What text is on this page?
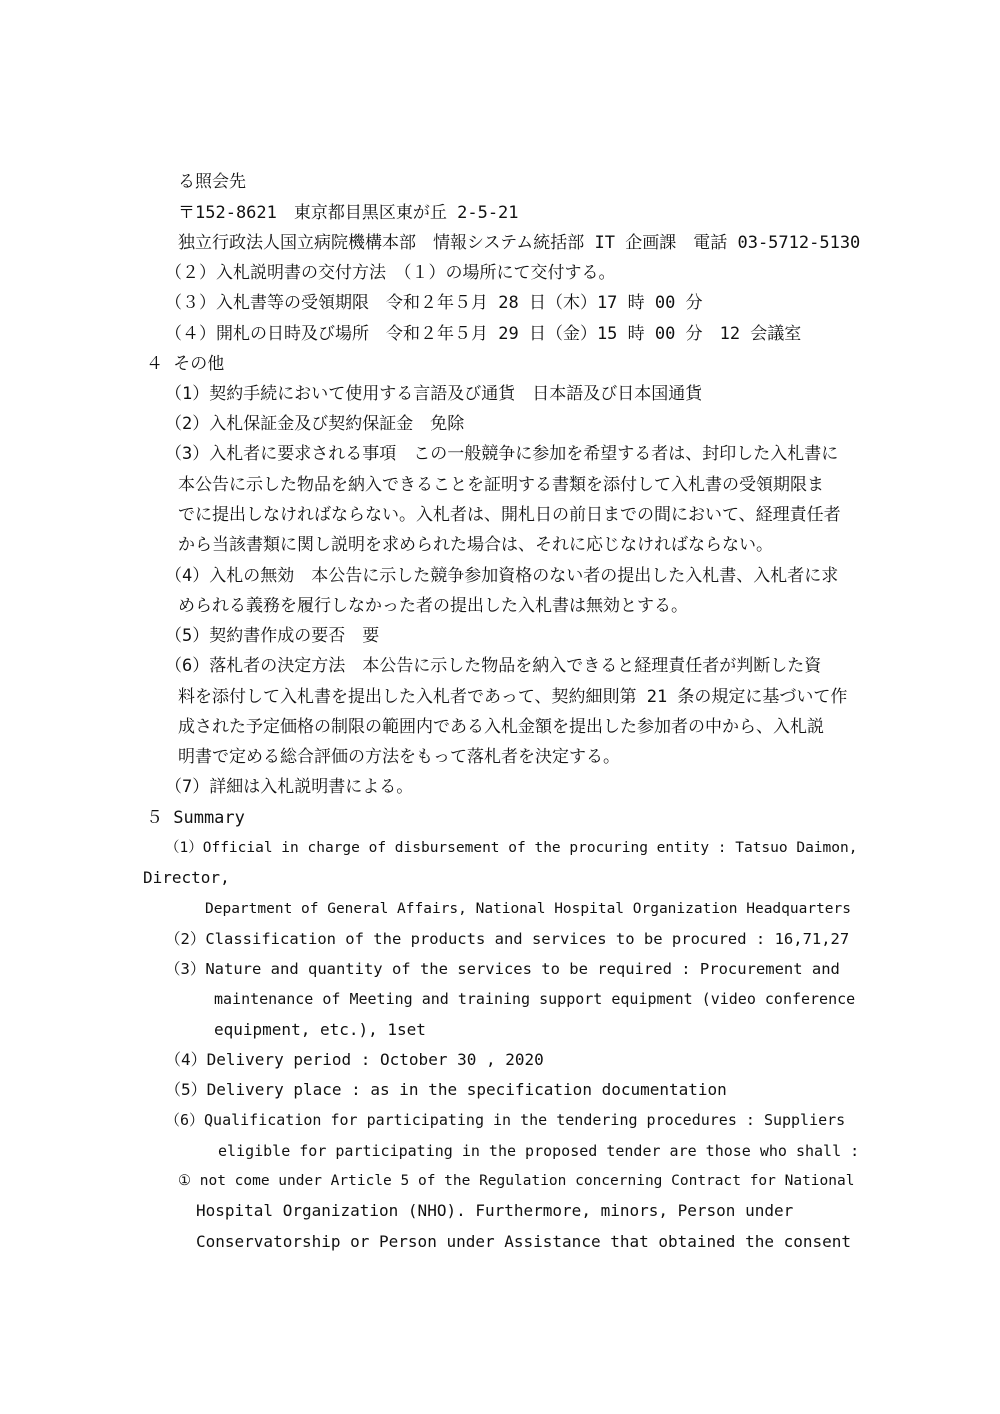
る照会先
〒152-8621　東京都目黒区東が丘 2-5-21
独立行政法人国立病院機構本部　情報システム統括部 IT 企画課　電話 03-5712-5130
（２）入札説明書の交付方法　（１）の場所にて交付する。
（３）入札書等の受領期限　令和２年５月 28 日（木）17 時 00 分
（４）開札の日時及び場所　令和２年５月 29 日（金）15 時 00 分　12 会議室
４ その他
（1）契約手続において使用する言語及び通貨　日本語及び日本国通貨
（2）入札保証金及び契約保証金　免除
（3）入札者に要求される事項　この一般競争に参加を希望する者は、封印した入札書に
本公告に示した物品を納入できることを証明する書類を添付して入札書の受領期限ま
でに提出しなければならない。入札者は、開札日の前日までの間において、経理責任者
から当該書類に関し説明を求められた場合は、それに応じなければならない。
（4）入札の無効　本公告に示した競争参加資格のない者の提出した入札書、入札者に求
められる義務を履行しなかった者の提出した入札書は無効とする。
（5）契約書作成の要否　要
（6）落札者の決定方法　本公告に示した物品を納入できると経理責任者が判断した資
料を添付して入札書を提出した入札者であって、契約細則第 21 条の規定に基づいて作
成された予定価格の制限の範囲内である入札金額を提出した参加者の中から、入札説
明書で定める総合評価の方法をもって落札者を決定する。
（7）詳細は入札説明書による。
５ Summary
（1）Official in charge of disbursement of the procuring entity : Tatsuo Daimon,
Director,
Department of General Affairs, National Hospital Organization Headquarters
（2）Classification of the products and services to be procured : 16,71,27
（3）Nature and quantity of the services to be required : Procurement and
maintenance of Meeting and training support equipment (video conference
equipment, etc.), 1set
（4）Delivery period : October 30 , 2020
（5）Delivery place : as in the specification documentation
（6）Qualification for participating in the tendering procedures : Suppliers
eligible for participating in the proposed tender are those who shall :
① not come under Article 5 of the Regulation concerning Contract for National
Hospital Organization (NHO). Furthermore, minors, Person under
Conservatorship or Person under Assistance that obtained the consent
